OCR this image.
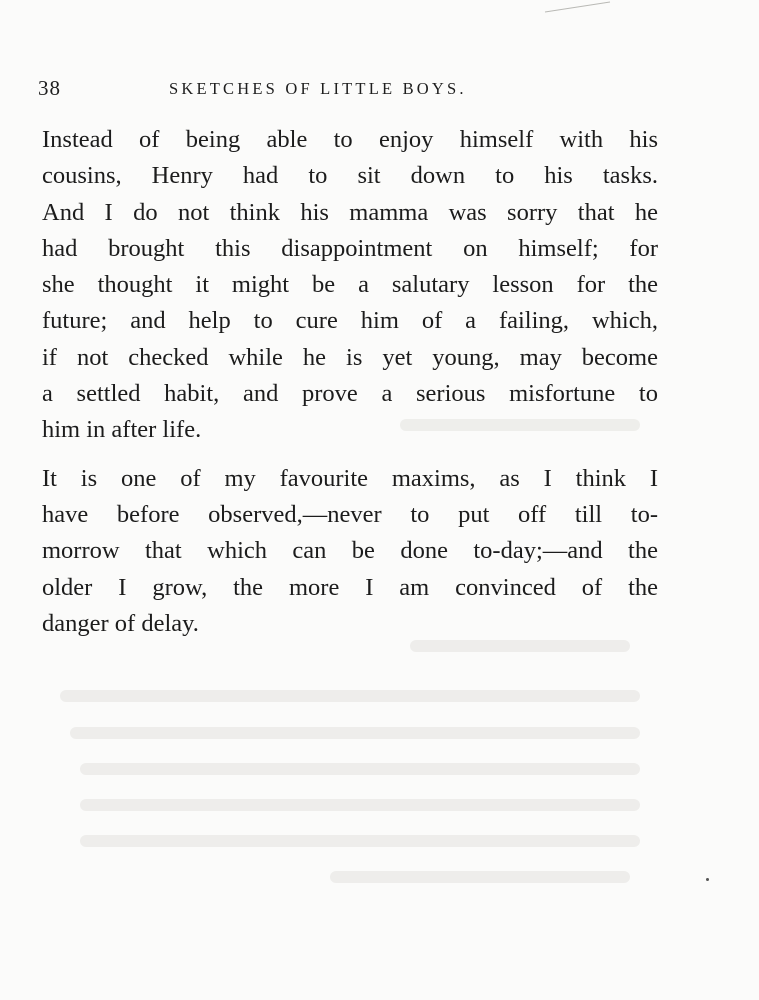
38	SKETCHES OF LITTLE BOYS.

Instead of being able to enjoy himself with his
cousins, Henry had to sit down to his tasks.
And I do not think his mamma was sorry that he
had brought this disappointment on himself; for
she thought it might be a salutary lesson for the
future; and help to cure him of a failing, which,
if not checked while he is yet young, may become
a settled habit, and prove a serious misfortune to
him in after life.

It is one of my favourite maxims, as I think I
have before observed,—never to put off till to-
morrow that which can be done to-day;—and the
older I grow, the more I am convinced of the
danger of delay.
